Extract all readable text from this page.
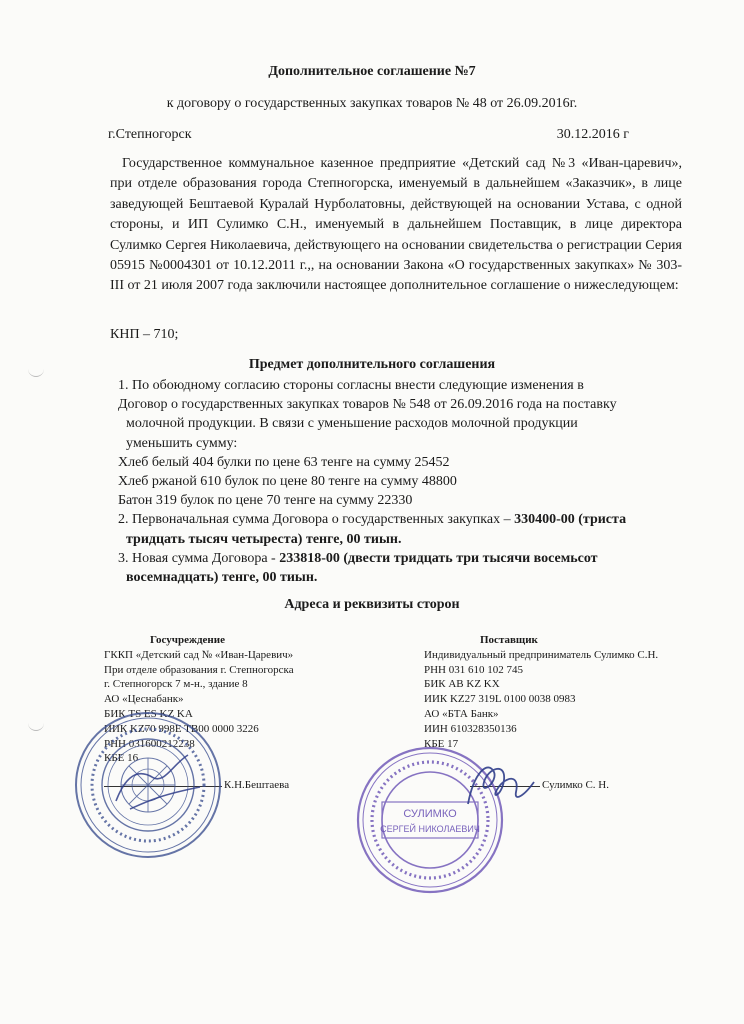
Дополнительное соглашение №7
к договору о государственных закупках товаров № 48 от 26.09.2016г.
г.Степногорск	30.12.2016 г

Государственное коммунальное казенное предприятие «Детский сад №3 «Иван-царевич», при отделе образования города Степногорска, именуемый в дальнейшем «Заказчик», в лице заведующей Бештаевой Куралай Нурболатовны, действующей на основании Устава, с одной стороны, и ИП Сулимко С.Н., именуемый в дальнейшем Поставщик, в лице директора Сулимко Сергея Николаевича, действующего на основании свидетельства о регистрации Серия 05915 №0004301 от 10.12.2011 г.,, на основании Закона «О государственных закупках» № 303- III от 21 июля 2007 года заключили настоящее дополнительное соглашение о нижеследующем:

КНП – 710;
Предмет дополнительного соглашения

1. По обоюдному согласию стороны согласны внести следующие изменения в

Договор о государственных закупках товаров № 548 от 26.09.2016 года на поставку

молочной продукции. В связи с уменьшение расходов молочной продукции

уменьшить сумму:

Хлеб белый 404 булки по цене 63 тенге на сумму 25452

Хлеб ржаной 610 булок по цене 80 тенге на сумму 48800

Батон 319 булок по цене 70 тенге на сумму 22330

2. Первоначальная сумма Договора о государственных закупках – 330400-00 (триста

тридцать тысяч четыреста) тенге, 00 тиын.

3. Новая сумма Договора - 233818-00 (двести тридцать три тысячи восемьсот

восемнадцать) тенге, 00 тиын.

Адреса и реквизиты сторон

Госучреждение

ГККП «Детский сад № «Иван-Царевич»

При отделе образования г. Степногорска

г. Степногорск 7 м-н., здание 8

АО «Цеснабанк»

БИК TS ES KZ KA

ИИК KZ70 998E TB00 0000 3226

РНН 031600212238

КБЕ 16

Поставщик

Индивидуальный предприниматель Сулимко С.Н.

РНН 031 610 102 745

БИК AB KZ KX

ИИК KZ27 319L 0100 0038 0983

АО «БТА Банк»

ИИН 610328350136

КБЕ 17

К.Н.Бештаева	Сулимко С. Н.
СУЛИМКО
СЕРГЕЙ НИКОЛАЕВИЧ
